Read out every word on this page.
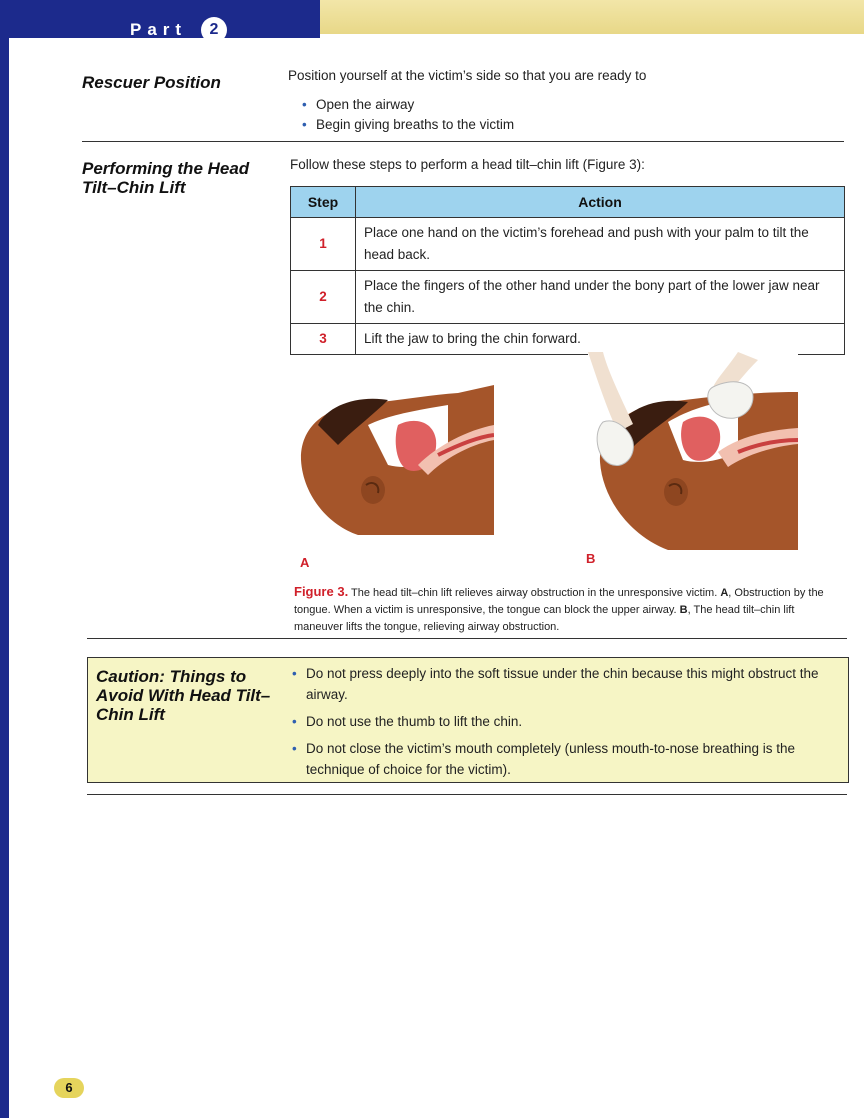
Part	2
Rescuer Position	Position yourself at the victim’s side so that you are ready to
• Open the airway
• Begin giving breaths to the victim
Performing the Head Tilt–Chin Lift
Follow these steps to perform a head tilt–chin lift (Figure 3):
Step	Action
1	Place one hand on the victim’s forehead and push with your palm to tilt the head back.
2	Place the fingers of the other hand under the bony part of the lower jaw near the chin.
3	Lift the jaw to bring the chin forward.
A	B
Figure 3. The head tilt–chin lift relieves airway obstruction in the unresponsive victim. A, Obstruction by the tongue. When a victim is unresponsive, the tongue can block the upper airway. B, The head tilt–chin lift maneuver lifts the tongue, relieving airway obstruction.
Caution: Things to Avoid With Head Tilt–Chin Lift
• Do not press deeply into the soft tissue under the chin because this might obstruct the airway.
• Do not use the thumb to lift the chin.
• Do not close the victim’s mouth completely (unless mouth-to-nose breathing is the technique of choice for the victim).
6
